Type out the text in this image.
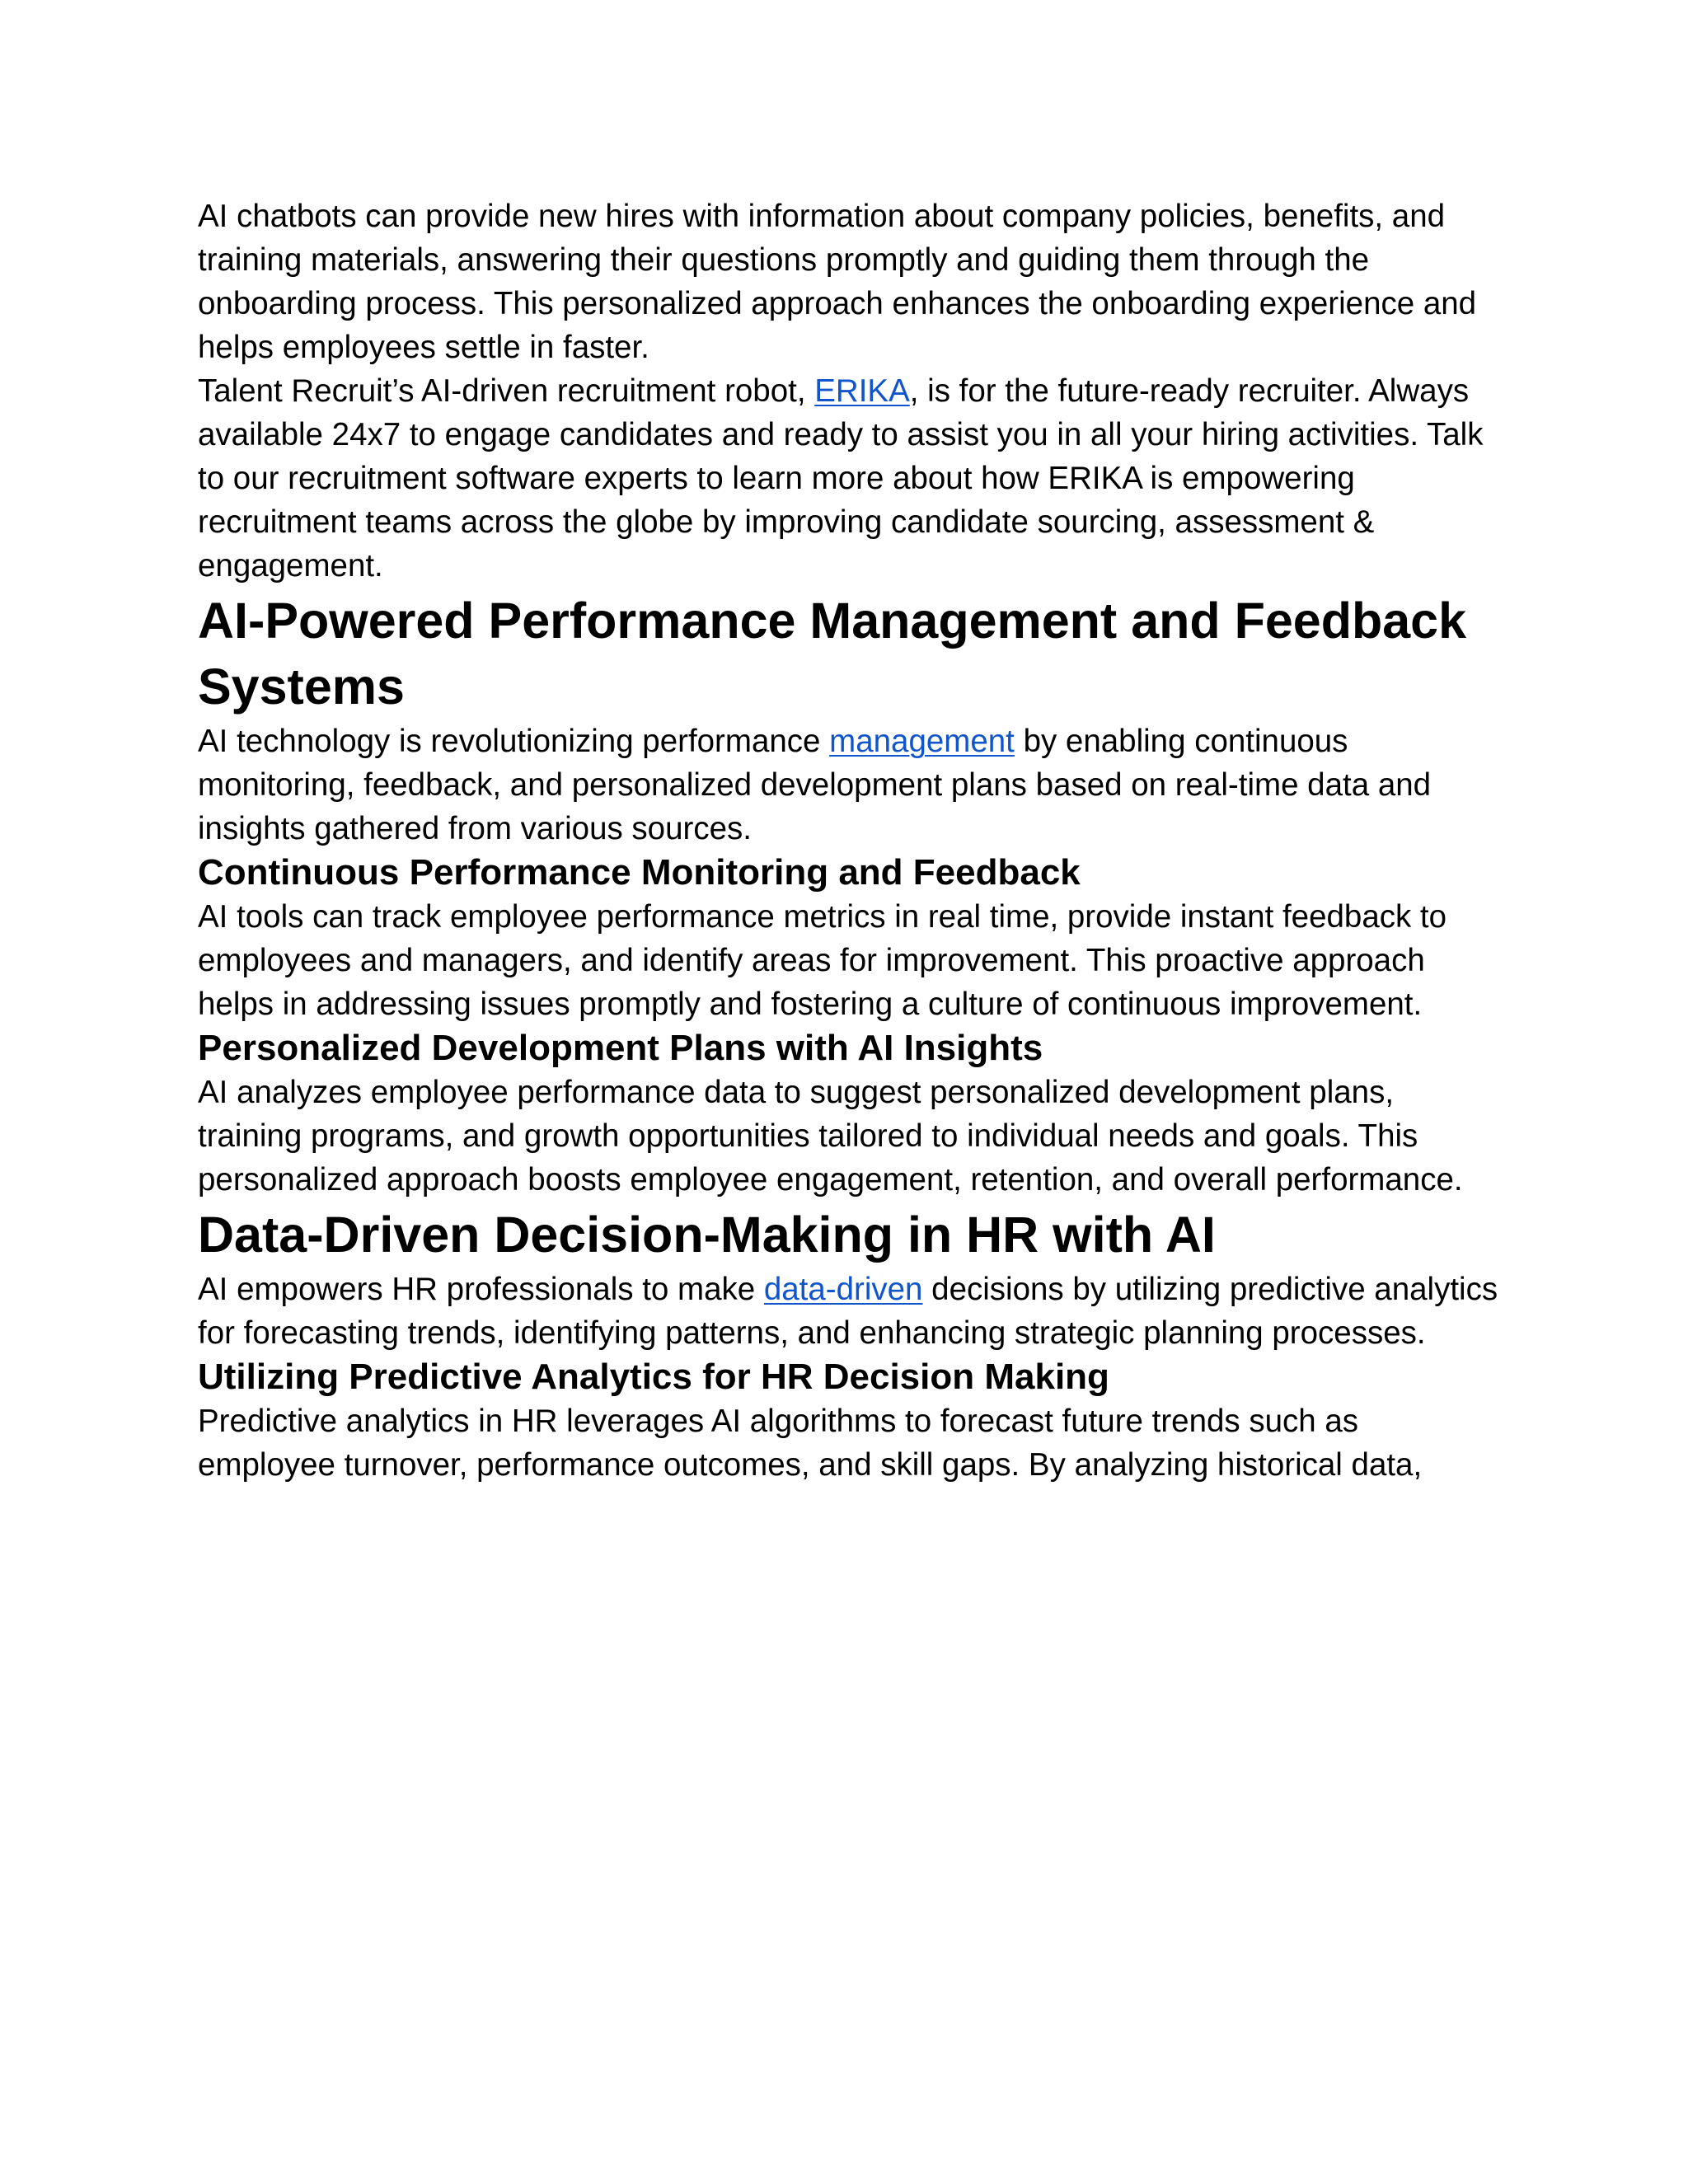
AI chatbots can provide new hires with information about company policies, benefits, and training materials, answering their questions promptly and guiding them through the onboarding process. This personalized approach enhances the onboarding experience and helps employees settle in faster.

Talent Recruit’s AI-driven recruitment robot, ERIKA, is for the future-ready recruiter. Always available 24x7 to engage candidates and ready to assist you in all your hiring activities. Talk to our recruitment software experts to learn more about how ERIKA is empowering recruitment teams across the globe by improving candidate sourcing, assessment & engagement.

AI-Powered Performance Management and Feedback Systems

AI technology is revolutionizing performance management by enabling continuous monitoring, feedback, and personalized development plans based on real-time data and insights gathered from various sources.

Continuous Performance Monitoring and Feedback

AI tools can track employee performance metrics in real time, provide instant feedback to employees and managers, and identify areas for improvement. This proactive approach helps in addressing issues promptly and fostering a culture of continuous improvement.

Personalized Development Plans with AI Insights

AI analyzes employee performance data to suggest personalized development plans, training programs, and growth opportunities tailored to individual needs and goals. This personalized approach boosts employee engagement, retention, and overall performance.

Data-Driven Decision-Making in HR with AI

AI empowers HR professionals to make data-driven decisions by utilizing predictive analytics for forecasting trends, identifying patterns, and enhancing strategic planning processes.

Utilizing Predictive Analytics for HR Decision Making

Predictive analytics in HR leverages AI algorithms to forecast future trends such as employee turnover, performance outcomes, and skill gaps. By analyzing historical data,
